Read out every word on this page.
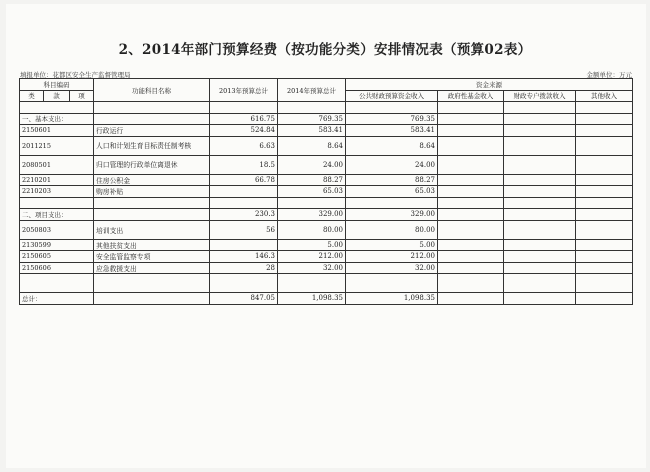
2、2014年部门预算经费（按功能分类）安排情况表（预算02表）
填报单位：花都区安全生产监督管理局	金额单位：万元
科目编码			功能科目名称	2013年预算总计	2014年预算总计	资金来源			
类	款	项				公共财政预算资金收入	政府性基金收入	财政专户拨款收入	其他收入

一、基本支出：				616.75	769.35	769.35			
2150601			行政运行	524.84	583.41	583.41			
2011215			人口和计划生育目标责任制考核	6.63	8.64	8.64			
2080501			归口管理的行政单位离退休	18.5	24.00	24.00			
2210201			住房公积金	66.78	88.27	88.27			
2210203			购房补贴		65.03	65.03			

二、项目支出：				230.3	329.00	329.00			
2050803			培训支出	56	80.00	80.00			
2130599			其他扶贫支出		5.00	5.00			
2150605			安全监管监察专项	146.3	212.00	212.00			
2150606			应急救援支出	28	32.00	32.00			

总计：				847.05	1,098.35	1,098.35			
